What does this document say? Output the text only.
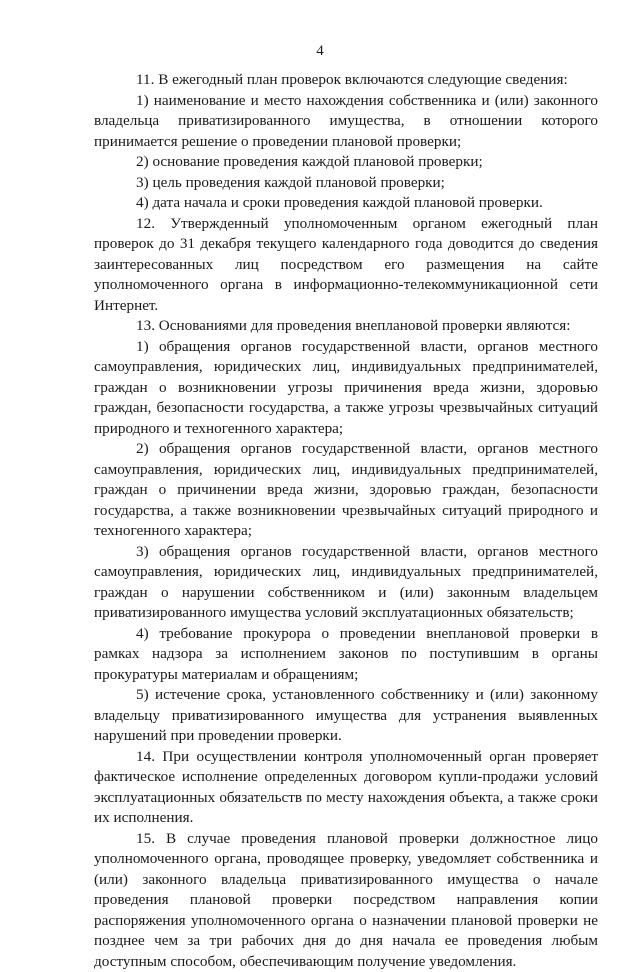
4

11. В ежегодный план проверок включаются следующие сведения:

1) наименование и место нахождения собственника и (или) законного владельца приватизированного имущества, в отношении которого принимается решение о проведении плановой проверки;

2) основание проведения каждой плановой проверки;

3) цель проведения каждой плановой проверки;

4) дата начала и сроки проведения каждой плановой проверки.

12. Утвержденный уполномоченным органом ежегодный план проверок до 31 декабря текущего календарного года доводится до сведения заинтересованных лиц посредством его размещения на сайте уполномоченного органа в информационно-телекоммуникационной сети Интернет.

13. Основаниями для проведения внеплановой проверки являются:

1) обращения органов государственной власти, органов местного самоуправления, юридических лиц, индивидуальных предпринимателей, граждан о возникновении угрозы причинения вреда жизни, здоровью граждан, безопасности государства, а также угрозы чрезвычайных ситуаций природного и техногенного характера;

2) обращения органов государственной власти, органов местного самоуправления, юридических лиц, индивидуальных предпринимателей, граждан о причинении вреда жизни, здоровью граждан, безопасности государства, а также возникновении чрезвычайных ситуаций природного и техногенного характера;

3) обращения органов государственной власти, органов местного самоуправления, юридических лиц, индивидуальных предпринимателей, граждан о нарушении собственником и (или) законным владельцем приватизированного имущества условий эксплуатационных обязательств;

4) требование прокурора о проведении внеплановой проверки в рамках надзора за исполнением законов по поступившим в органы прокуратуры материалам и обращениям;

5) истечение срока, установленного собственнику и (или) законному владельцу приватизированного имущества для устранения выявленных нарушений при проведении проверки.

14. При осуществлении контроля уполномоченный орган проверяет фактическое исполнение определенных договором купли-продажи условий эксплуатационных обязательств по месту нахождения объекта, а также сроки их исполнения.

15. В случае проведения плановой проверки должностное лицо уполномоченного органа, проводящее проверку, уведомляет собственника и (или) законного владельца приватизированного имущества о начале проведения плановой проверки посредством направления копии распоряжения уполномоченного органа о назначении плановой проверки не позднее чем за три рабочих дня до дня начала ее проведения любым доступным способом, обеспечивающим получение уведомления.
